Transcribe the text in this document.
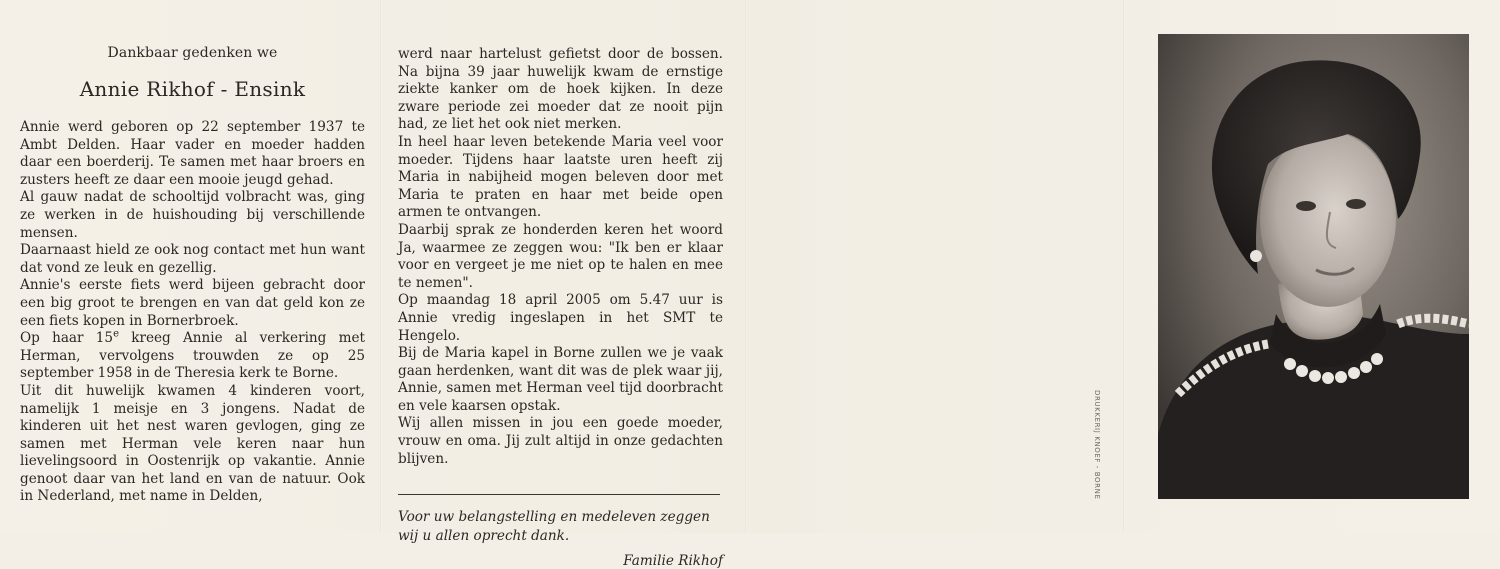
Dankbaar gedenken we
Annie Rikhof - Ensink

Annie werd geboren op 22 september 1937 te Ambt Delden. Haar vader en moeder hadden daar een boerderij. Te samen met haar broers en zusters heeft ze daar een mooie jeugd gehad.

Al gauw nadat de schooltijd volbracht was, ging ze werken in de huishouding bij verschillende mensen.

Daarnaast hield ze ook nog contact met hun want dat vond ze leuk en gezellig.

Annie's eerste fiets werd bijeen gebracht door een big groot te brengen en van dat geld kon ze een fiets kopen in Bornerbroek.

Op haar 15e kreeg Annie al verkering met Herman, vervolgens trouwden ze op 25 september 1958 in de Theresia kerk te Borne.

Uit dit huwelijk kwamen 4 kinderen voort, namelijk 1 meisje en 3 jongens. Nadat de kinderen uit het nest waren gevlogen, ging ze samen met Herman vele keren naar hun lievelingsoord in Oostenrijk op vakantie. Annie genoot daar van het land en van de natuur. Ook in Nederland, met name in Delden,

werd naar hartelust gefietst door de bossen. Na bijna 39 jaar huwelijk kwam de ernstige ziekte kanker om de hoek kijken. In deze zware periode zei moeder dat ze nooit pijn had, ze liet het ook niet merken.

In heel haar leven betekende Maria veel voor moeder. Tijdens haar laatste uren heeft zij Maria in nabijheid mogen beleven door met Maria te praten en haar met beide open armen te ontvangen.

Daarbij sprak ze honderden keren het woord Ja, waarmee ze zeggen wou: "Ik ben er klaar voor en vergeet je me niet op te halen en mee te nemen".

Op maandag 18 april 2005 om 5.47 uur is Annie vredig ingeslapen in het SMT te Hengelo.

Bij de Maria kapel in Borne zullen we je vaak gaan herdenken, want dit was de plek waar jij, Annie, samen met Herman veel tijd doorbracht en vele kaarsen opstak.

Wij allen missen in jou een goede moeder, vrouw en oma. Jij zult altijd in onze gedachten blijven.

Voor uw belangstelling en medeleven zeggen wij u allen oprecht dank.
Familie Rikhof
DRUKKERIJ KNOEF - BORNE
